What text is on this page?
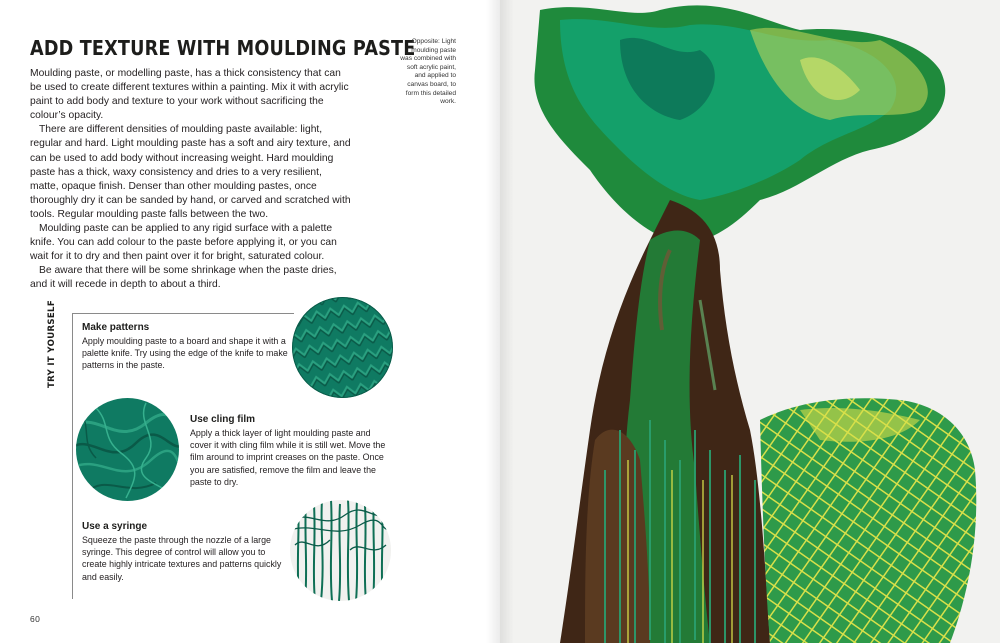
ADD TEXTURE WITH MOULDING PASTE
Opposite: Light moulding paste was combined with soft acrylic paint, and applied to canvas board, to form this detailed work.

Moulding paste, or modelling paste, has a thick consistency that can be used to create different textures within a painting. Mix it with acrylic paint to add body and texture to your work without sacrificing the colour’s opacity.

There are different densities of moulding paste available: light, regular and hard. Light moulding paste has a soft and airy texture, and can be used to add body without increasing weight. Hard moulding paste has a thick, waxy consistency and dries to a very resilient, matte, opaque finish. Denser than other moulding pastes, once thoroughly dry it can be sanded by hand, or carved and scratched with tools. Regular moulding paste falls between the two.

Moulding paste can be applied to any rigid surface with a palette knife. You can add colour to the paste before applying it, or you can wait for it to dry and then paint over it for bright, saturated colour.

Be aware that there will be some shrinkage when the paste dries, and it will recede in depth to about a third.

TRY IT YOURSELF	Make patterns

Apply moulding paste to a board and shape it with a palette knife. Try using the edge of the knife to make patterns in the paste.

Use cling film

Apply a thick layer of light moulding paste and cover it with cling film while it is still wet. Move the film around to imprint creases on the paste. Once you are satisfied, remove the film and leave the paste to dry.

Use a syringe

Squeeze the paste through the nozzle of a large syringe. This degree of control will allow you to create highly intricate textures and patterns quickly and easily.

60
